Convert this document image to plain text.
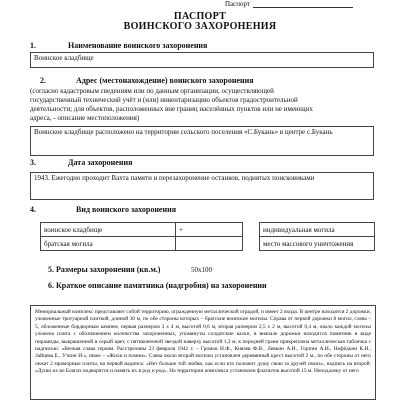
Паспорт
ПАСПОРТ
ВОИНСКОГО ЗАХОРОНЕНИЯ
1.	Наименование воинского захоронения
Воинское кладбище
2.	Адрес (местонахождение) воинского захоронения
(согласно кадастровым сведениям или по данным организации, осуществляющей
государственный технический учёт и (или) инвентаризацию объектов градостроительной
деятельности; для объектов, расположенных вне границ населённых пунктов или не имеющих
адреса, - описание местоположения)
Воинское кладбище расположено на территории сельского поселения «С.Букань» в центре с.Букань
3.	Дата захоронения
1943. Ежегодно проходит Вахта памяти и перезахоронение останков, поднятых поисковиками
4.	Вид воинского захоронения
воинское кладбище	+		индивидуальная могила
братская могила			место массового уничтожения
5. Размеры захоронения (кв.м.)	50х100
6. Краткое описание памятника (надгробия) на захоронении
Мемориальный комплекс представляет собой территорию, огражденную металлической оградой, и имеет 2 входа. В центре находятся 2 дорожки, уложенные тротуарной плиткой, длиной 30 м, по обе стороны которых – братские воинские могилы. Справа от первой дорожки 8 могил, слева – 5, обложенные бордюрным камнем, первая размером 3 х 4 м, высотой 0,6 м, вторая размером 2,5 х 2 м, высотой 0,4 м, около каждой могилы уложена плита с обозначением количества захороненных, упомянуты солдатские каски, в вначале дорожки находится памятник в виде пирамиды, выкрашенной в серый цвет, с пятиконечной звездой наверху высотой 1,2 м, к передней грани прикреплена металлическая табличка с надписью: «Вечная слава героям. Расстреляны 23 февраля 1942 г. – Громов И.Ф., Князев Ф.В., Левкин А.И., Горпин А.И., Нефёдкин К.И., Зайцева Е., Уткин И.», ниже – «Жили и помни». Слева около второй могилы установлен деревянный крест высотой 2 м., по обе стороны от него лежат 2 мраморные плиты, на первой надпись: «Нет больше той любви, как если кто положит душу свою за друзей своих», надпись на второй: «Души их во Благих водворятся и память их в род и род». На территории комплекса установлен флагшток высотой 15 м. Неподалеку от него
